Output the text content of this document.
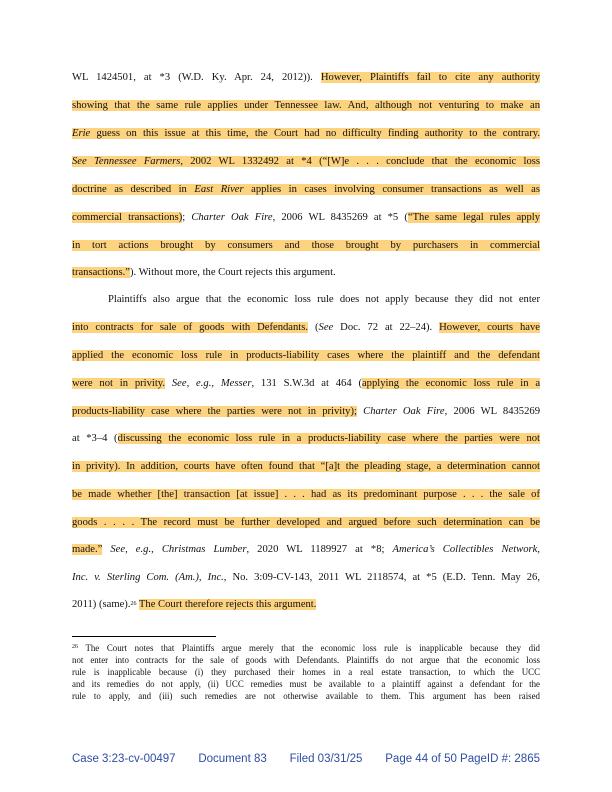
WL 1424501, at *3 (W.D. Ky. Apr. 24, 2012)). However, Plaintiffs fail to cite any authority
showing that the same rule applies under Tennessee law. And, although not venturing to make an
Erie guess on this issue at this time, the Court had no difficulty finding authority to the contrary.
See Tennessee Farmers, 2002 WL 1332492 at *4 (“[W]e . . . conclude that the economic loss
doctrine as described in East River applies in cases involving consumer transactions as well as
commercial transactions); Charter Oak Fire, 2006 WL 8435269 at *5 (“The same legal rules apply
in tort actions brought by consumers and those brought by purchasers in commercial
transactions.”). Without more, the Court rejects this argument.
Plaintiffs also argue that the economic loss rule does not apply because they did not enter
into contracts for sale of goods with Defendants. (See Doc. 72 at 22–24). However, courts have
applied the economic loss rule in products-liability cases where the plaintiff and the defendant
were not in privity. See, e.g., Messer, 131 S.W.3d at 464 (applying the economic loss rule in a
products-liability case where the parties were not in privity); Charter Oak Fire, 2006 WL 8435269
at *3–4 (discussing the economic loss rule in a products-liability case where the parties were not
in privity). In addition, courts have often found that “[a]t the pleading stage, a determination cannot
be made whether [the] transaction [at issue] . . . had as its predominant purpose . . . the sale of
goods . . . . The record must be further developed and argued before such determination can be
made.” See, e.g., Christmas Lumber, 2020 WL 1189927 at *8; America’s Collectibles Network,
Inc. v. Sterling Com. (Am.), Inc., No. 3:09-CV-143, 2011 WL 2118574, at *5 (E.D. Tenn. May 26,
2011) (same).$^{26}$ The Court therefore rejects this argument.
$^{26}$ The Court notes that Plaintiffs argue merely that the economic loss rule is inapplicable because they did
not enter into contracts for the sale of goods with Defendants. Plaintiffs do not argue that the economic loss
rule is inapplicable because (i) they purchased their homes in a real estate transaction, to which the UCC
and its remedies do not apply, (ii) UCC remedies must be available to a plaintiff against a defendant for the
rule to apply, and (iii) such remedies are not otherwise available to them. This argument has been raised
Case 3:23-cv-00497 Document 83 Filed 03/31/25 Page 44 of 50 PageID #: 2865
